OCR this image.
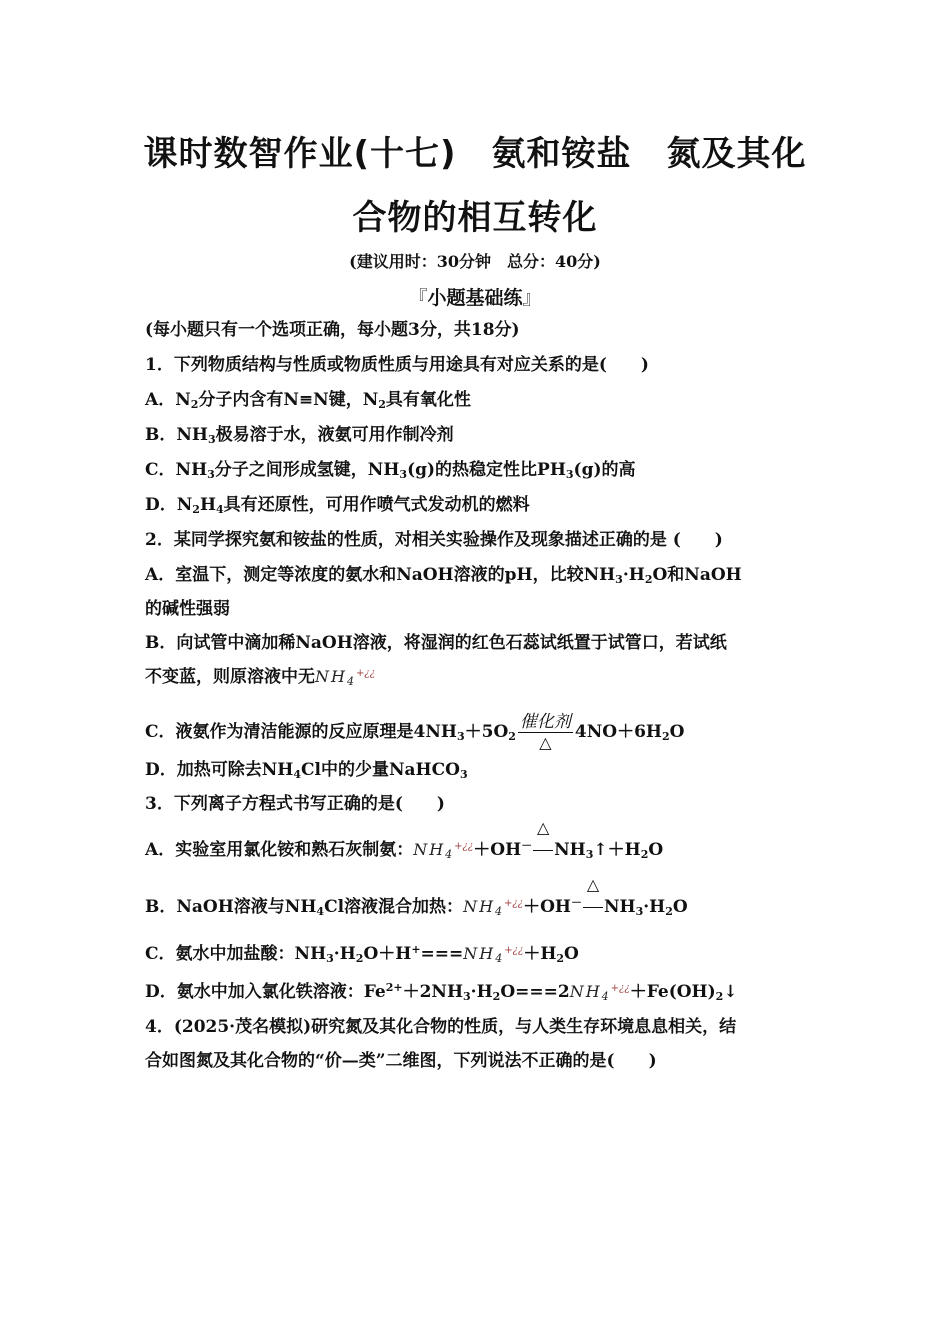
课时数智作业(十七)　氨和铵盐　氮及其化
合物的相互转化
(建议用时：30分钟　总分：40分)
『小题基础练』
(每小题只有一个选项正确，每小题3分，共18分)
1．下列物质结构与性质或物质性质与用途具有对应关系的是(　　)
A．$N_2$分子内含有N≡N键，$N_2$具有氧化性
B．$NH_3$极易溶于水，液氨可用作制冷剂
C．$NH_3$分子之间形成氢键，$NH_3(g)$的热稳定性比$PH_3(g)$的高
D．$N_2H_4$具有还原性，可用作喷气式发动机的燃料
2．某同学探究氨和铵盐的性质，对相关实验操作及现象描述正确的是 (　　)
A．室温下，测定等浓度的氨水和NaOH溶液的pH，比较$NH_3\cdot H_2O$和NaOH
的碱性强弱
B．向试管中滴加稀NaOH溶液，将湿润的红色石蕊试纸置于试管口，若试纸
不变蓝，则原溶液中无$NH_4^{+¿¿}$
C．液氨作为清洁能源的反应原理是$4NH_3+5O_2$
催化剂
△
$4NO+6H_2O$
D．加热可除去$NH_4Cl$中的少量NaHCO$_3$
3．下列离子方程式书写正确的是(　　)
A．实验室用氯化铵和熟石灰制氨：$NH_4^{+¿¿}+OH^-$
△
$NH_3↑+H_2O$
B．NaOH溶液与$NH_4Cl$溶液混合加热：$NH_4^{+¿¿}+OH^-$
△
$NH_3\cdot H_2O$
C．氨水中加盐酸：$NH_3\cdot H_2O+H^+===NH_4^{+¿¿}+H_2O$
D．氨水中加入氯化铁溶液：$Fe^{2+}+2NH_3\cdot H_2O===2NH_4^{+¿¿}+Fe(OH)_2↓$
4．(2025·茂名模拟)研究氮及其化合物的性质，与人类生存环境息息相关，结
合如图氮及其化合物的“价—类”二维图，下列说法不正确的是(　　)
